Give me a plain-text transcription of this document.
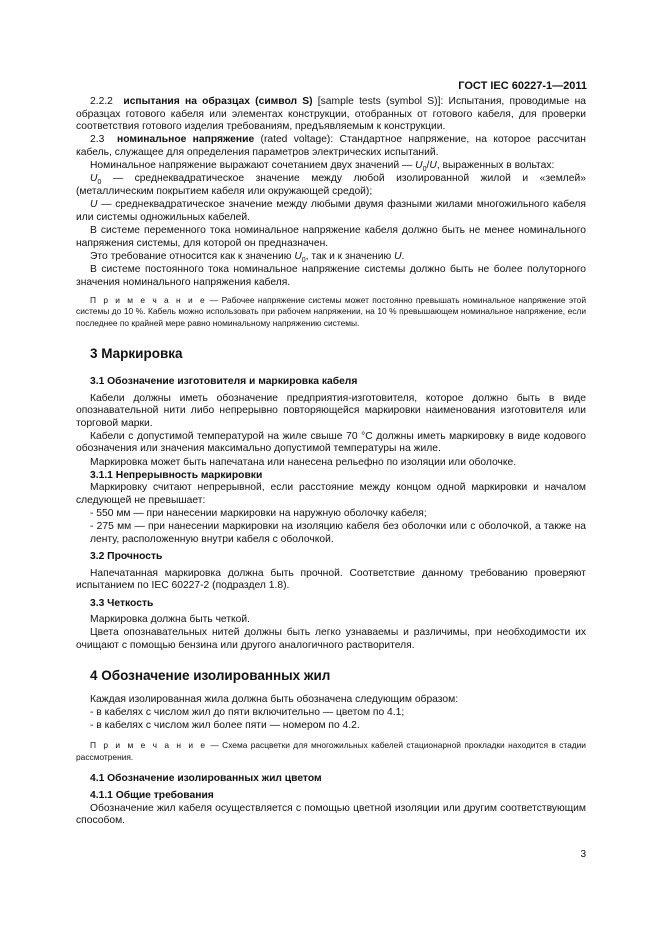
ГОСТ IEC 60227-1—2011

2.2.2 испытания на образцах (символ S) [sample tests (symbol S)]: Испытания, проводимые на образцах готового кабеля или элементах конструкции, отобранных от готового кабеля, для проверки соответствия готового изделия требованиям, предъявляемым к конструкции.

2.3 номинальное напряжение (rated voltage): Стандартное напряжение, на которое рассчитан кабель, служащее для определения параметров электрических испытаний.

Номинальное напряжение выражают сочетанием двух значений — $U_0/U$, выраженных в вольтах:

$U_0$ — среднеквадратическое значение между любой изолированной жилой и «землей» (металлическим покрытием кабеля или окружающей средой);

U — среднеквадратическое значение между любыми двумя фазными жилами многожильного кабеля или системы одножильных кабелей.

В системе переменного тока номинальное напряжение кабеля должно быть не менее номинального напряжения системы, для которой он предназначен.

Это требование относится как к значению $U_0$, так и к значению U.

В системе постоянного тока номинальное напряжение системы должно быть не более полуторного значения номинального напряжения кабеля.

П р и м е ч а н и е — Рабочее напряжение системы может постоянно превышать номинальное напряжение этой системы до 10 %. Кабель можно использовать при рабочем напряжении, на 10 % превышающем номинальное напряжение, если последнее по крайней мере равно номинальному напряжению системы.

3 Маркировка
3.1 Обозначение изготовителя и маркировка кабеля

Кабели должны иметь обозначение предприятия-изготовителя, которое должно быть в виде опознавательной нити либо непрерывно повторяющейся маркировки наименования изготовителя или торговой марки.

Кабели с допустимой температурой на жиле свыше 70 °С должны иметь маркировку в виде кодового обозначения или значения максимально допустимой температуры на жиле.

Маркировка может быть напечатана или нанесена рельефно по изоляции или оболочке.

3.1.1 Непрерывность маркировки

Маркировку считают непрерывной, если расстояние между концом одной маркировки и началом следующей не превышает:

- 550 мм — при нанесении маркировки на наружную оболочку кабеля;

- 275 мм — при нанесении маркировки на изоляцию кабеля без оболочки или с оболочкой, а также на ленту, расположенную внутри кабеля с оболочкой.

3.2 Прочность

Напечатанная маркировка должна быть прочной. Соответствие данному требованию проверяют испытанием по IEC 60227-2 (подраздел 1.8).

3.3 Четкость

Маркировка должна быть четкой.

Цвета опознавательных нитей должны быть легко узнаваемы и различимы, при необходимости их очищают с помощью бензина или другого аналогичного растворителя.

4 Обозначение изолированных жил

Каждая изолированная жила должна быть обозначена следующим образом:

- в кабелях с числом жил до пяти включительно — цветом по 4.1;

- в кабелях с числом жил более пяти — номером по 4.2.

П р и м е ч а н и е — Схема расцветки для многожильных кабелей стационарной прокладки находится в стадии рассмотрения.

4.1 Обозначение изолированных жил цветом
4.1.1 Общие требования

Обозначение жил кабеля осуществляется с помощью цветной изоляции или другим соответствующим способом.

3
